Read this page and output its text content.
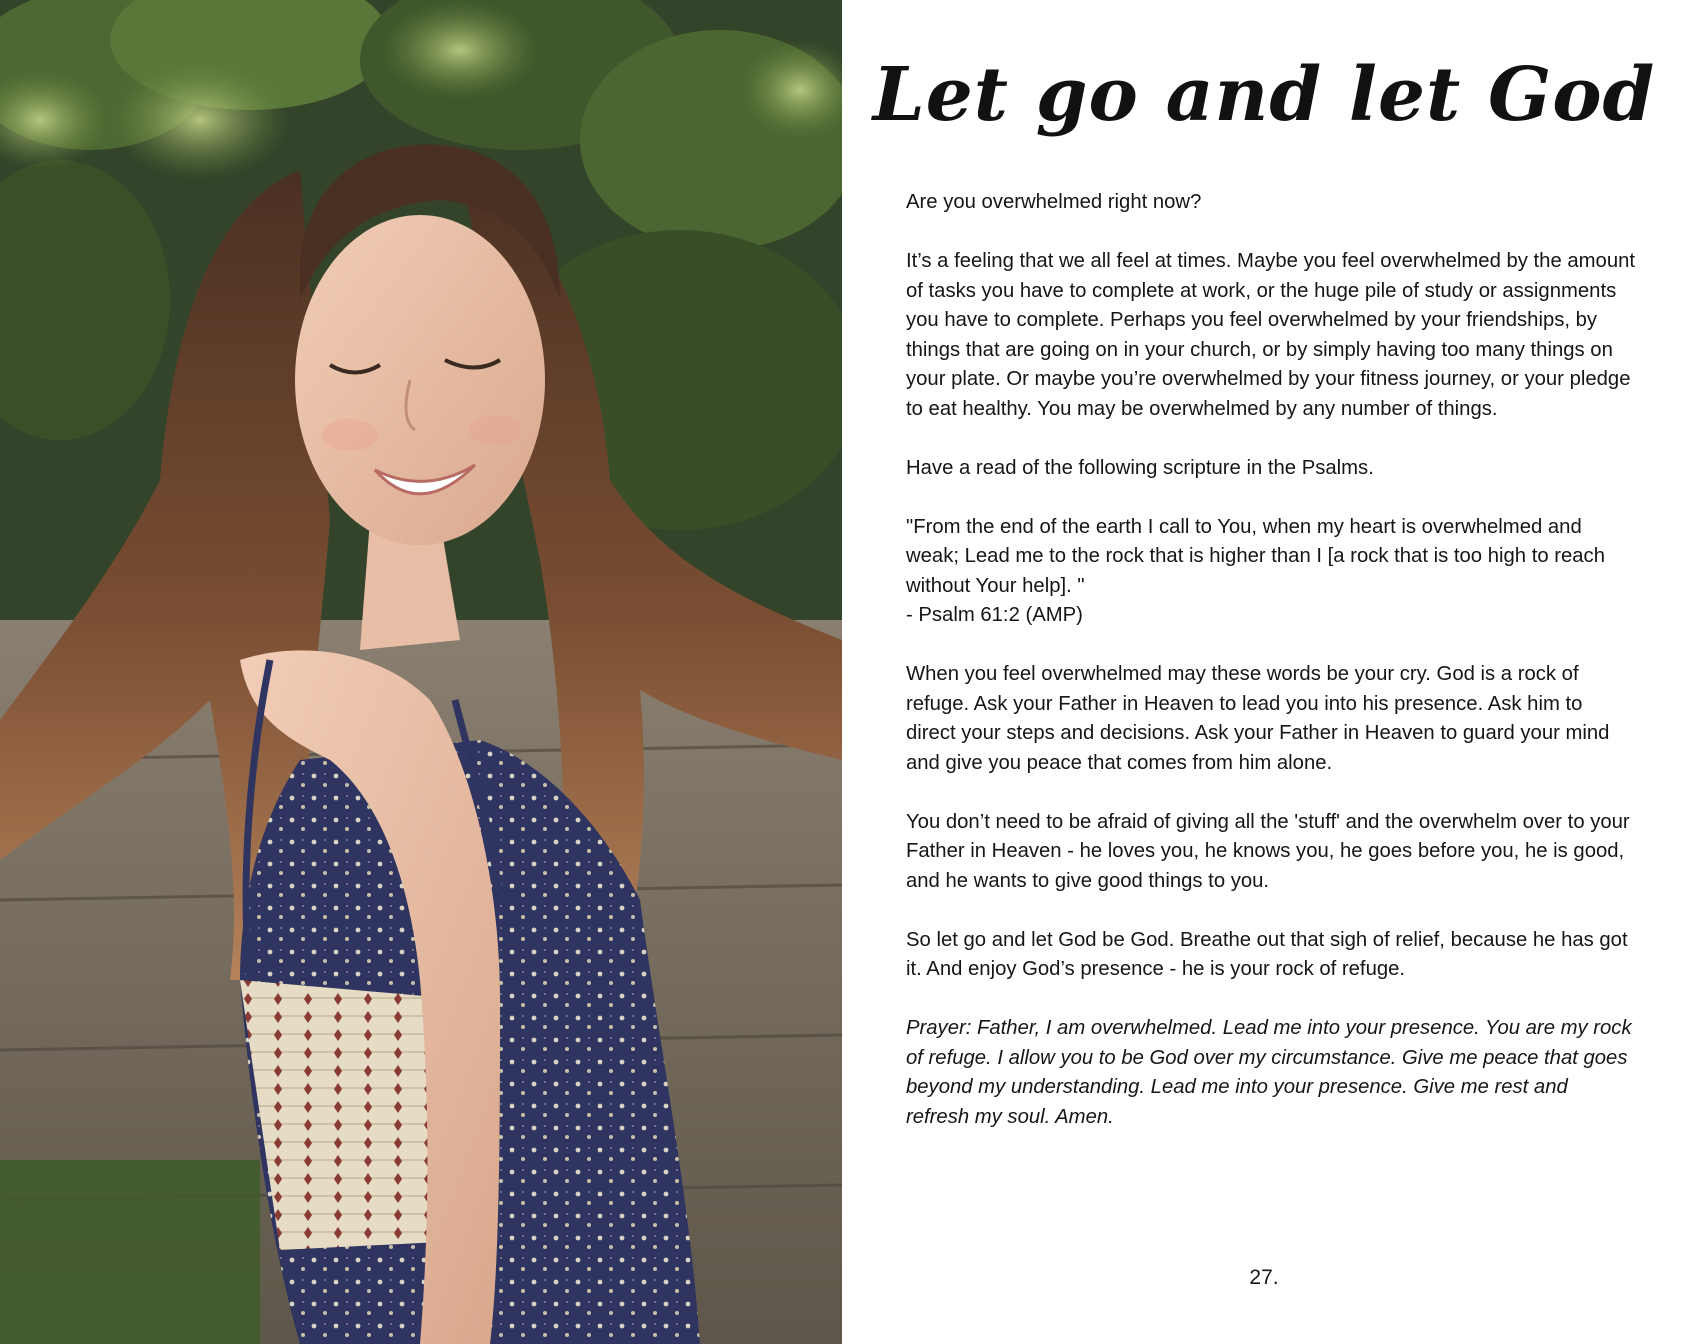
Let go and let God

Are you overwhelmed right now?

It’s a feeling that we all feel at times. Maybe you feel overwhelmed by the amount of tasks you have to complete at work, or the huge pile of study or assignments you have to complete. Perhaps you feel overwhelmed by your friendships, by things that are going on in your church, or by simply having too many things on your plate. Or maybe you’re overwhelmed by your fitness journey, or your pledge to eat healthy. You may be overwhelmed by any number of things.

Have a read of the following scripture in the Psalms.

"From the end of the earth I call to You, when my heart is overwhelmed and weak; Lead me to the rock that is higher than I [a rock that is too high to reach without Your help]. "
- Psalm 61:2 (AMP)

When you feel overwhelmed may these words be your cry. God is a rock of refuge. Ask your Father in Heaven to lead you into his presence. Ask him to direct your steps and decisions. Ask your Father in Heaven to guard your mind and give you peace that comes from him alone.

You don’t need to be afraid of giving all the 'stuff' and the overwhelm over to your Father in Heaven - he loves you, he knows you, he goes before you, he is good, and he wants to give good things to you.

So let go and let God be God. Breathe out that sigh of relief, because he has got it. And enjoy God’s presence - he is your rock of refuge.

Prayer: Father, I am overwhelmed. Lead me into your presence. You are my rock of refuge. I allow you to be God over my circumstance. Give me peace that goes beyond my understanding. Lead me into your presence. Give me rest and refresh my soul. Amen.

27.
